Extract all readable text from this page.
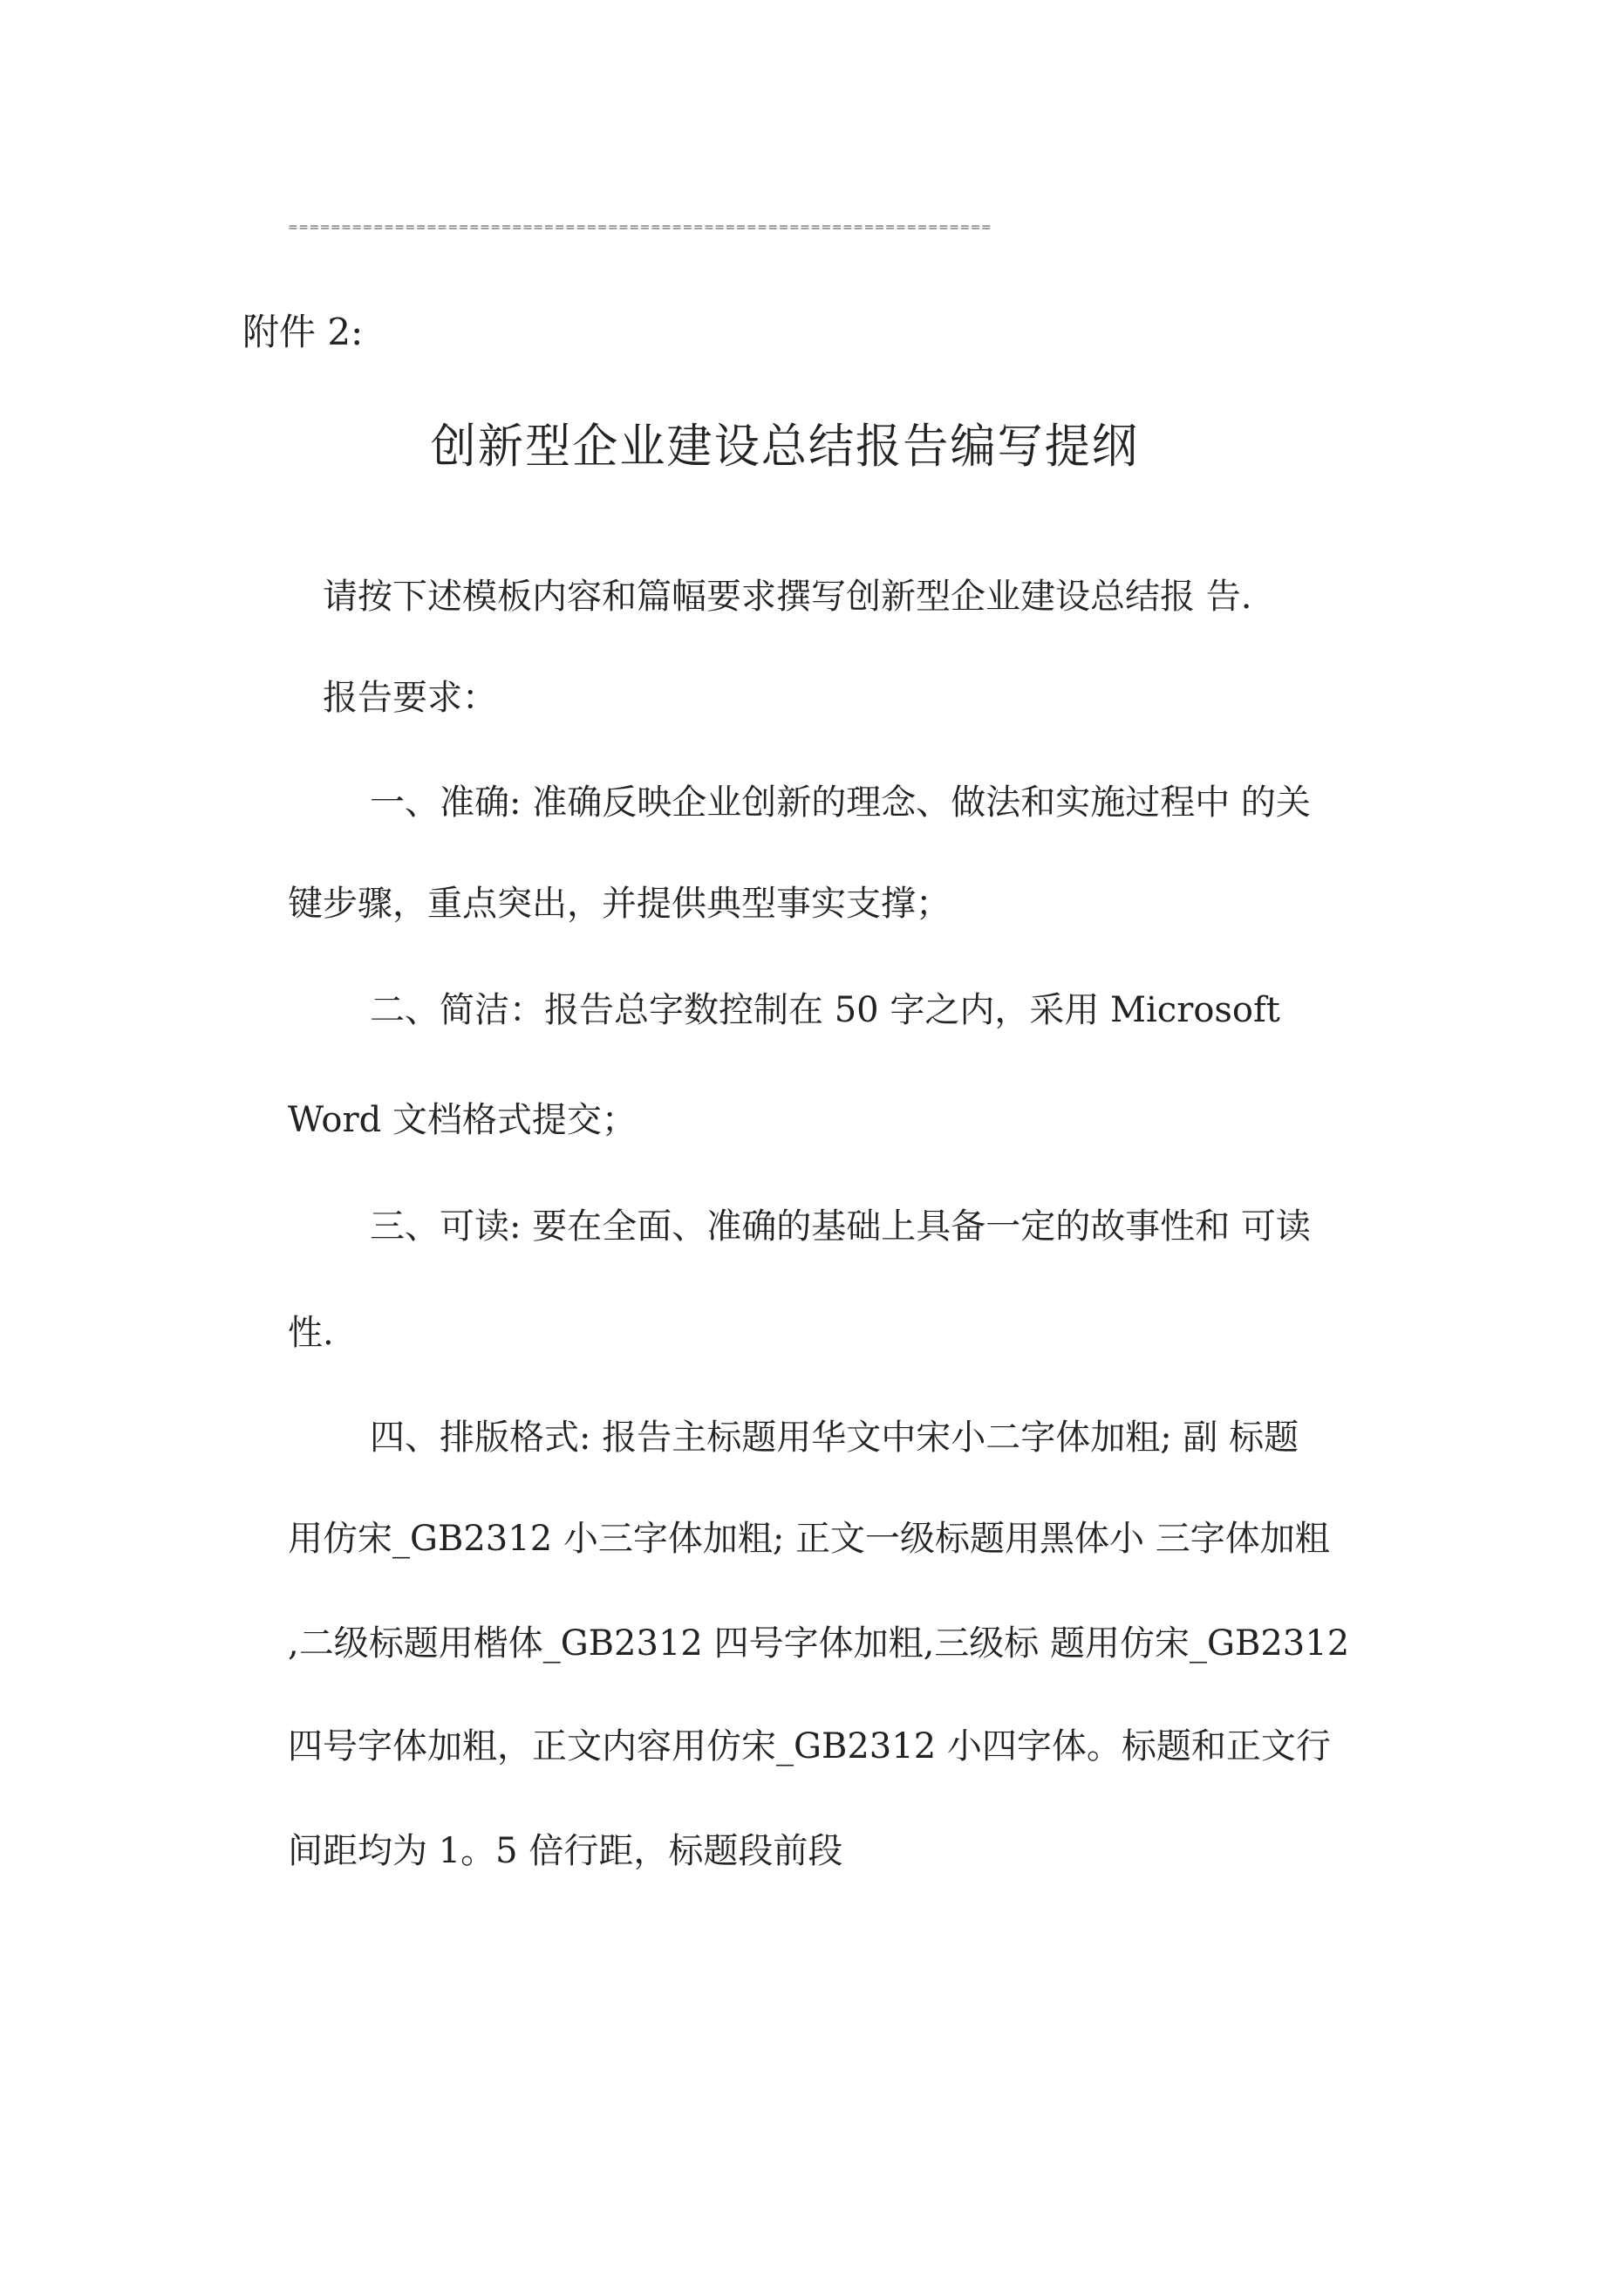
==================================================================
附件 2:
创新型企业建设总结报告编写提纲
请按下述模板内容和篇幅要求撰写创新型企业建设总结报 告.
报告要求：
一、准确: 准确反映企业创新的理念、做法和实施过程中 的关
键步骤，重点突出，并提供典型事实支撑；
二、简洁：报告总字数控制在 50 字之内，采用 Microsoft
Word 文档格式提交；
三、可读: 要在全面、准确的基础上具备一定的故事性和 可读
性.
四、排版格式: 报告主标题用华文中宋小二字体加粗; 副 标题
用仿宋_GB2312 小三字体加粗; 正文一级标题用黑体小 三字体加粗
,二级标题用楷体_GB2312 四号字体加粗,三级标 题用仿宋_GB2312
四号字体加粗，正文内容用仿宋_GB2312 小四字体。标题和正文行
间距均为 1。5 倍行距，标题段前段
